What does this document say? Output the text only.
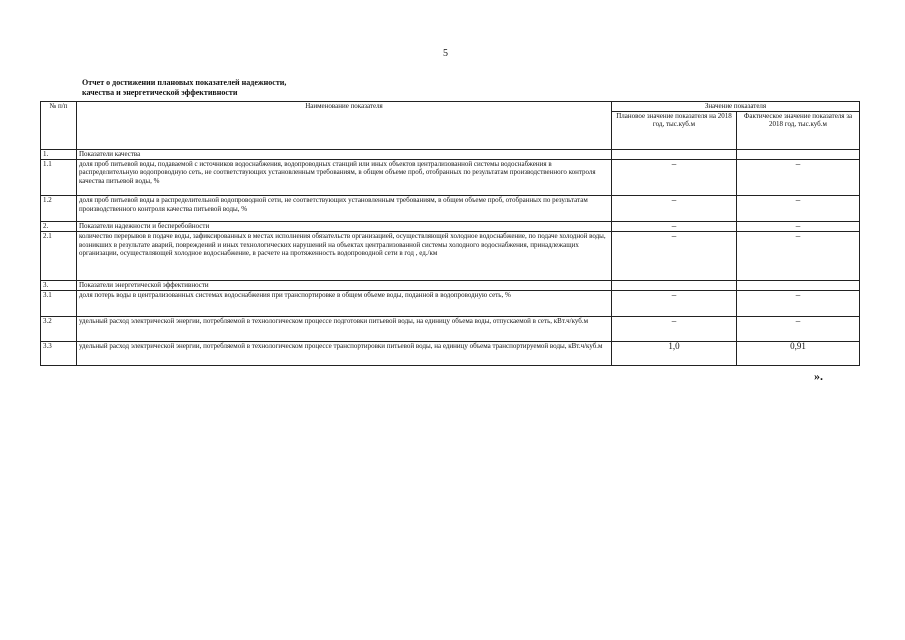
5
Отчет о достижении плановых показателей надежности,
качества и энергетической эффективности
№ п/п	Наименование показателя	Значение показателя	
		Плановое значение показателя на 2018 год, тыс.куб.м	Фактическое значение показателя за 2018 год, тыс.куб.м
1.	Показатели качества		
1.1	доля проб питьевой воды, подаваемой с источников водоснабжения, водопроводных станций или иных объектов централизованной системы водоснабжения в распределительную водопроводную сеть, не соответствующих установленным требованиям, в общем объеме проб, отобранных по результатам производственного контроля качества питьевой воды, %	–	–
1.2	доля проб питьевой воды в распределительной водопроводной сети, не соответствующих установленным требованиям, в общем объеме проб, отобранных по результатам производственного контроля качества питьевой воды, %	–	–
2.	Показатели надежности и бесперебойности	–	–
2.1	количество перерывов в подаче воды, зафиксированных в местах исполнения обязательств организацией, осуществляющей холодное водоснабжение, по подаче холодной воды, возникших в результате аварий, повреждений и иных технологических нарушений на объектах централизованной системы холодного водоснабжения, принадлежащих организации, осуществляющей холодное водоснабжение, в расчете на протяженность водопроводной сети в год , ед./км	–	–
3.	Показатели энергетической эффективности		
3.1	доля потерь воды в централизованных системах водоснабжения при транспортировке в общем объеме воды, поданной в водопроводную сеть, %	–	–
3.2	удельный расход электрической энергии, потребляемой в технологическом процессе подготовки питьевой воды, на единицу объема воды, отпускаемой в сеть, кВт.ч/куб.м	–	–
3.3	удельный расход электрической энергии, потребляемой в технологическом процессе транспортировки питьевой воды, на единицу объема транспортируемой воды, кВт.ч/куб.м	1,0	0,91
».
